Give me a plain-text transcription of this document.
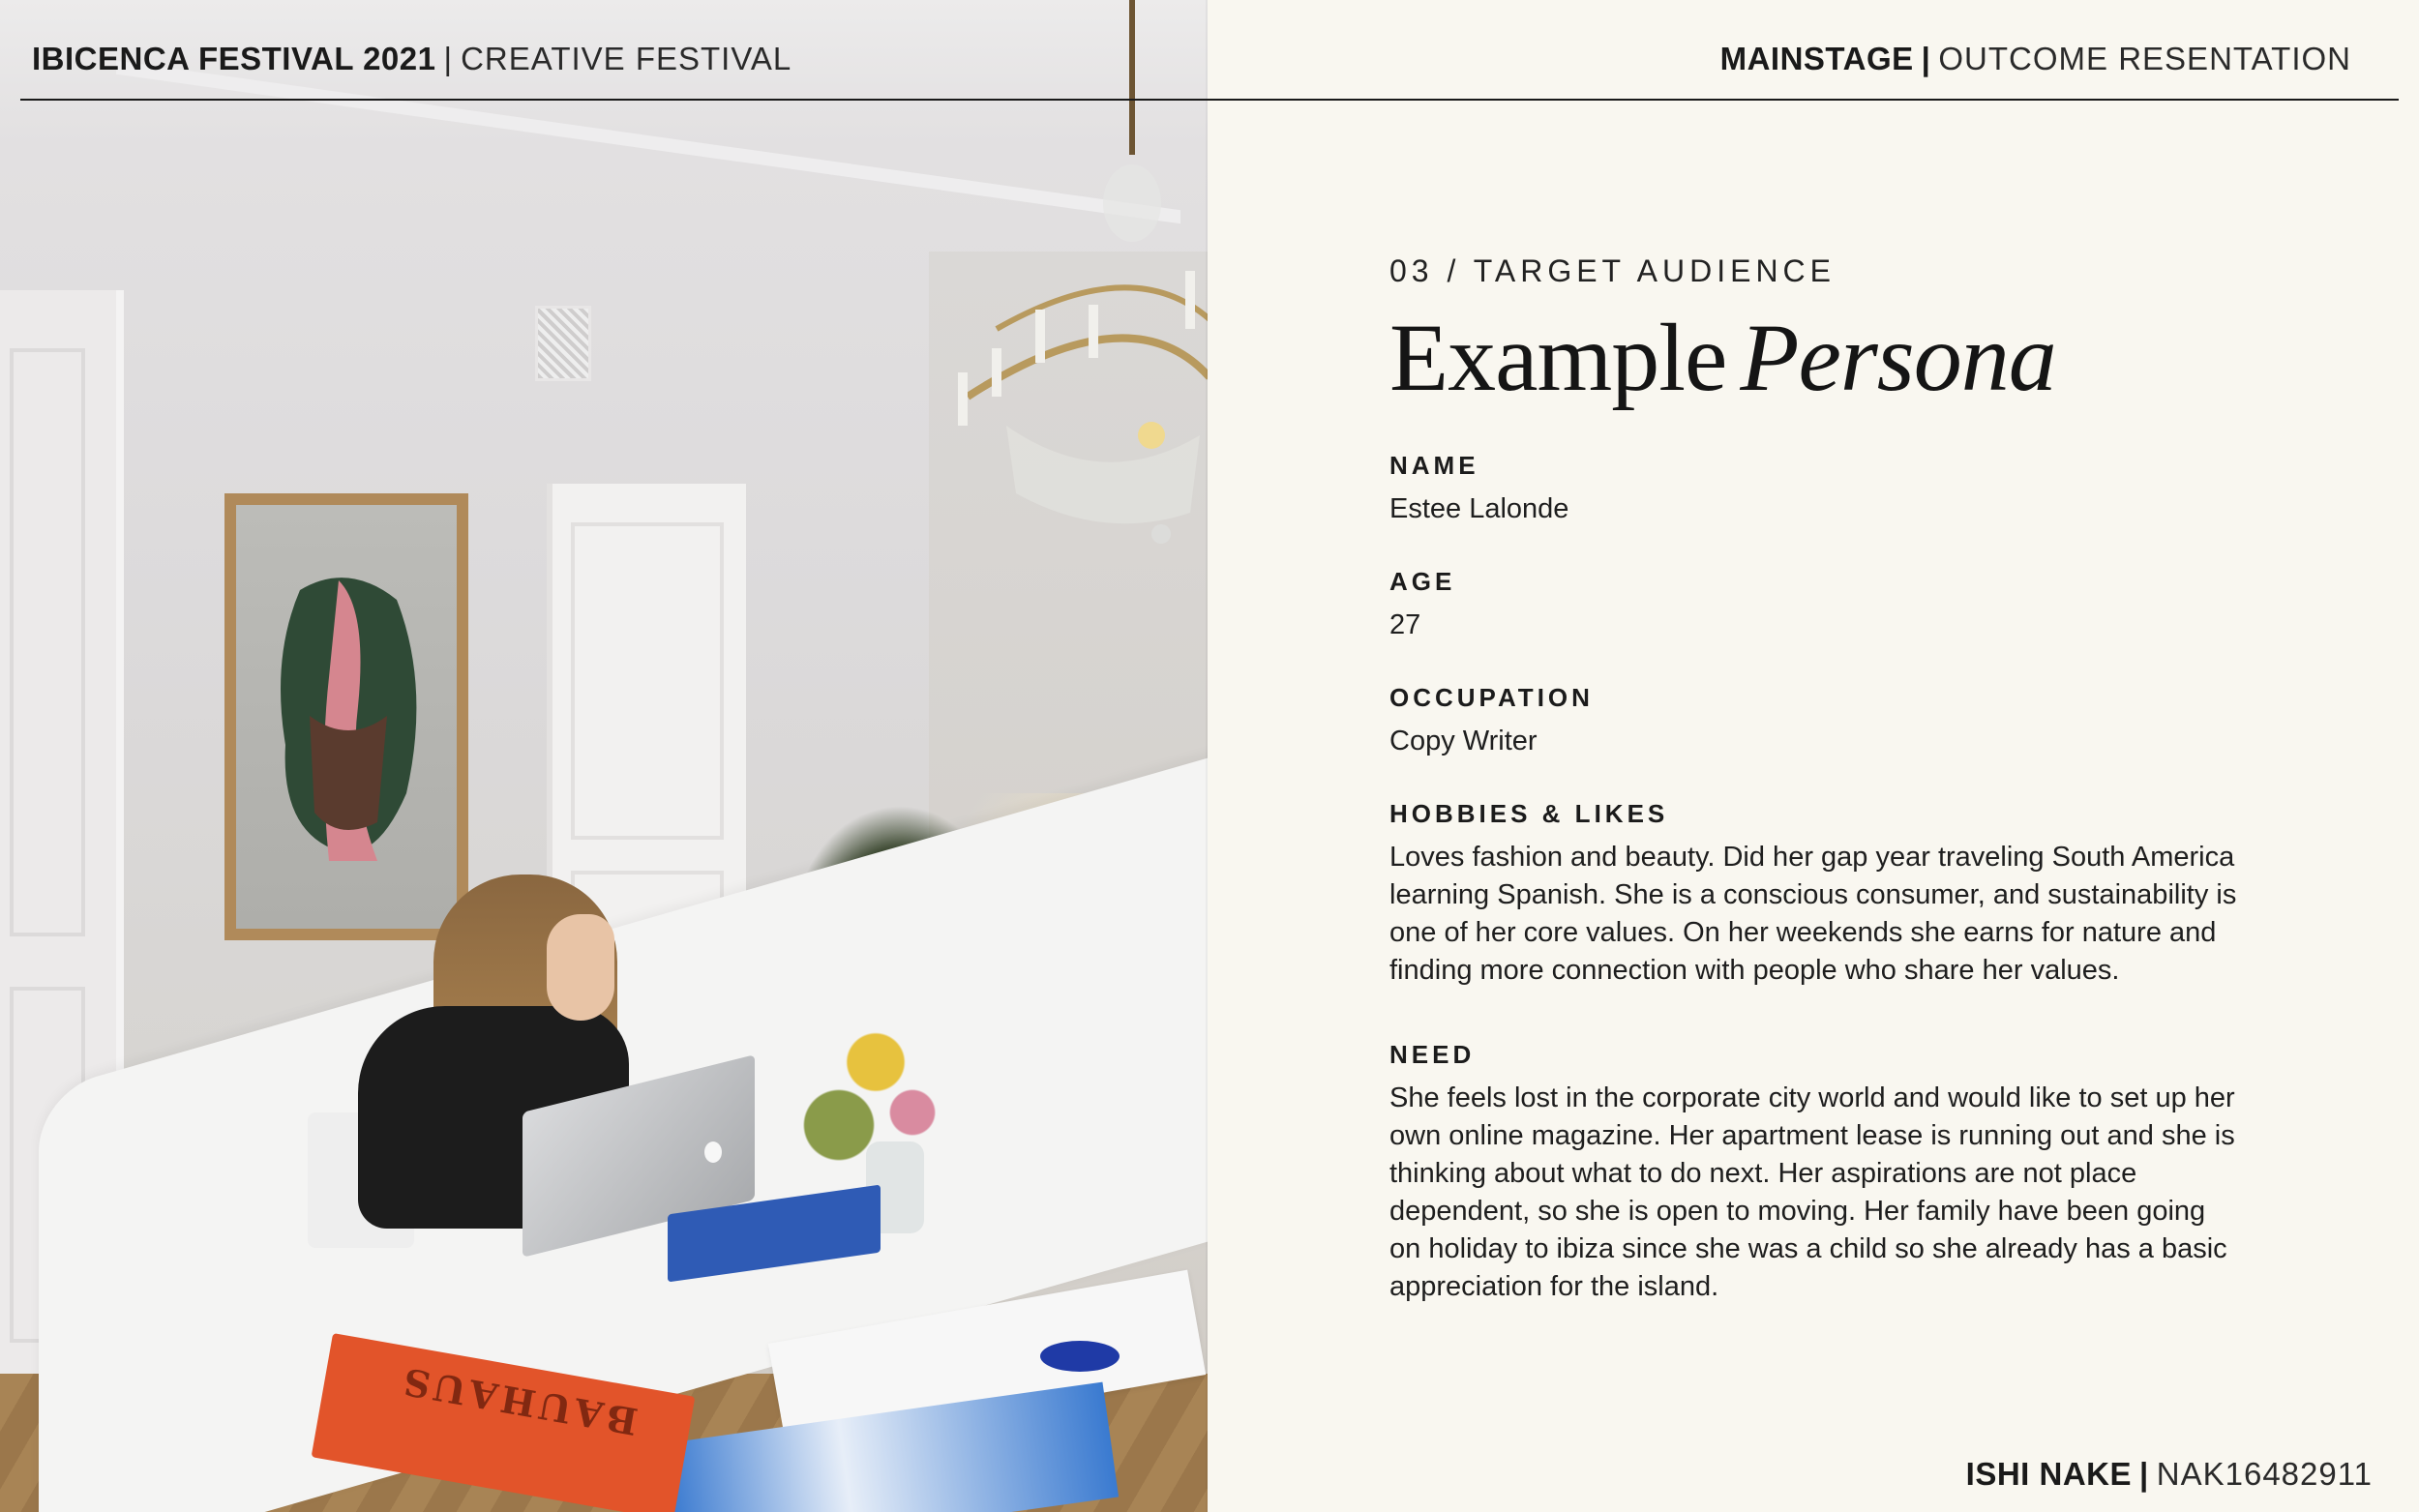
BAUHAUS
IBICENCA FESTIVAL 2021 | CREATIVE FESTIVAL	MAINSTAGE | OUTCOME RESENTATION

03 / TARGET AUDIENCE

Example Persona
NAME
Estee Lalonde
AGE
27
OCCUPATION
Copy Writer
HOBBIES & LIKES
Loves fashion and beauty. Did her gap year traveling South America learning Spanish. She is a conscious consumer, and sustainability is one of her core values. On her weekends she earns for nature and finding more connection with people who share her values.
NEED
She feels lost in the corporate city world and would like to set up her own online magazine. Her apartment lease is running out and she is thinking about what to do next. Her aspirations are not place dependent, so she is open to moving. Her family have been going on holiday to ibiza since she was a child so she already has a basic appreciation for the island.
ISHI NAKE | NAK16482911
